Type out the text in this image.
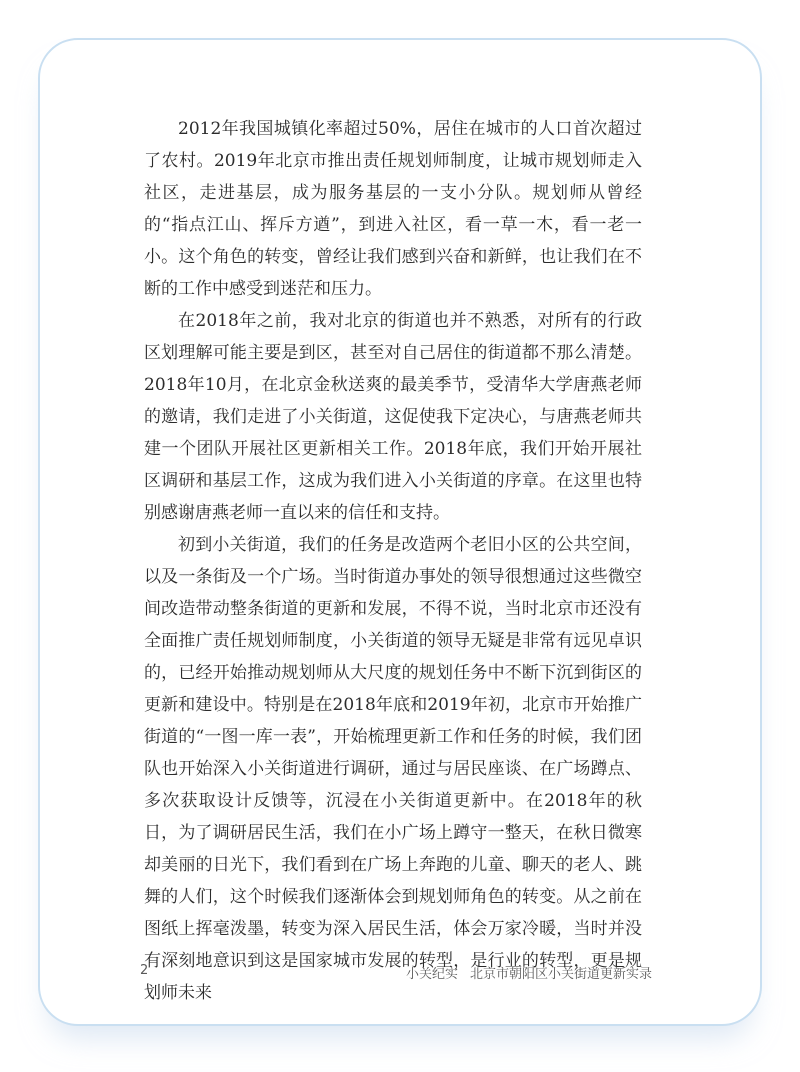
2012年我国城镇化率超过50%，居住在城市的人口首次超过了农村。2019年北京市推出责任规划师制度，让城市规划师走入社区，走进基层，成为服务基层的一支小分队。规划师从曾经的“指点江山、挥斥方遒”，到进入社区，看一草一木，看一老一小。这个角色的转变，曾经让我们感到兴奋和新鲜，也让我们在不断的工作中感受到迷茫和压力。

在2018年之前，我对北京的街道也并不熟悉，对所有的行政区划理解可能主要是到区，甚至对自己居住的街道都不那么清楚。2018年10月，在北京金秋送爽的最美季节，受清华大学唐燕老师的邀请，我们走进了小关街道，这促使我下定决心，与唐燕老师共建一个团队开展社区更新相关工作。2018年底，我们开始开展社区调研和基层工作，这成为我们进入小关街道的序章。在这里也特别感谢唐燕老师一直以来的信任和支持。

初到小关街道，我们的任务是改造两个老旧小区的公共空间，以及一条街及一个广场。当时街道办事处的领导很想通过这些微空间改造带动整条街道的更新和发展，不得不说，当时北京市还没有全面推广责任规划师制度，小关街道的领导无疑是非常有远见卓识的，已经开始推动规划师从大尺度的规划任务中不断下沉到街区的更新和建设中。特别是在2018年底和2019年初，北京市开始推广街道的“一图一库一表”，开始梳理更新工作和任务的时候，我们团队也开始深入小关街道进行调研，通过与居民座谈、在广场蹲点、多次获取设计反馈等，沉浸在小关街道更新中。在2018年的秋日，为了调研居民生活，我们在小广场上蹲守一整天，在秋日微寒却美丽的日光下，我们看到在广场上奔跑的儿童、聊天的老人、跳舞的人们，这个时候我们逐渐体会到规划师角色的转变。从之前在图纸上挥毫泼墨，转变为深入居民生活，体会万家冷暖，当时并没有深刻地意识到这是国家城市发展的转型，是行业的转型，更是规划师未来

2	小关纪实 北京市朝阳区小关街道更新实录
